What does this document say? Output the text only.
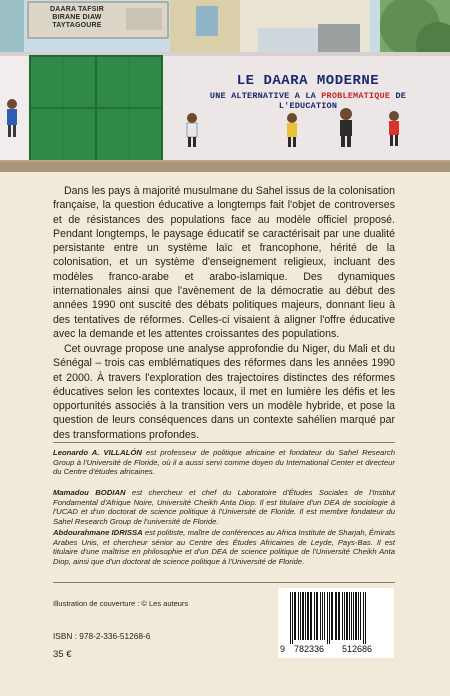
DAARA TAFSIR
BIRANE DIAW
TAYTAGOURE
LE DAARA MODERNE
UNE ALTERNATIVE A LA PROBLEMATIQUE DE
L'EDUCATION

Dans les pays à majorité musulmane du Sahel issus de la colonisation française, la question éducative a longtemps fait l'objet de controverses et de résistances des populations face au modèle officiel proposé. Pendant longtemps, le paysage éducatif se caractérisait par une dualité persistante entre un système laïc et francophone, hérité de la colonisation, et un système d'enseignement religieux, incluant des modèles franco-arabe et arabo-islamique. Des dynamiques internationales ainsi que l'avènement de la démocratie au début des années 1990 ont suscité des débats politiques majeurs, donnant lieu à des tentatives de réformes. Celles-ci visaient à aligner l'offre éducative avec la demande et les attentes croissantes des populations.

Cet ouvrage propose une analyse approfondie du Niger, du Mali et du Sénégal – trois cas emblématiques des réformes dans les années 1990 et 2000. À travers l'exploration des trajectoires distinctes des réformes éducatives selon les contextes locaux, il met en lumière les défis et les opportunités associés à la transition vers un modèle hybride, et pose la question de leurs conséquences dans un contexte sahélien marqué par des transformations profondes.

Leonardo A. VILLALÓN est professeur de politique africaine et fondateur du Sahel Research Group à l'Université de Floride, où il a aussi servi comme doyen du International Center et directeur du Centre d'études africaines.

Mamadou BODIAN est chercheur et chef du Laboratoire d'Études Sociales de l'Institut Fondamental d'Afrique Noire, Université Cheikh Anta Diop. Il est titulaire d'un DEA de sociologie à l'UCAD et d'un doctorat de science politique à l'Université de Floride. Il est membre fondateur du Sahel Research Group de l'université de Floride.

Abdourahmane IDRISSA est politiste, maître de conférences au Africa Institute de Sharjah, Émirats Arabes Unis, et chercheur sénior au Centre des Études Africaines de Leyde, Pays-Bas. Il est titulaire d'une maîtrise en philosophie et d'un DEA de science politique de l'Université Cheikh Anta Diop, ainsi que d'un doctorat de science politique à l'Université de Floride.

Illustration de couverture : © Les auteurs
ISBN : 978-2-336-51268-6
35 €	9 782336 512686
